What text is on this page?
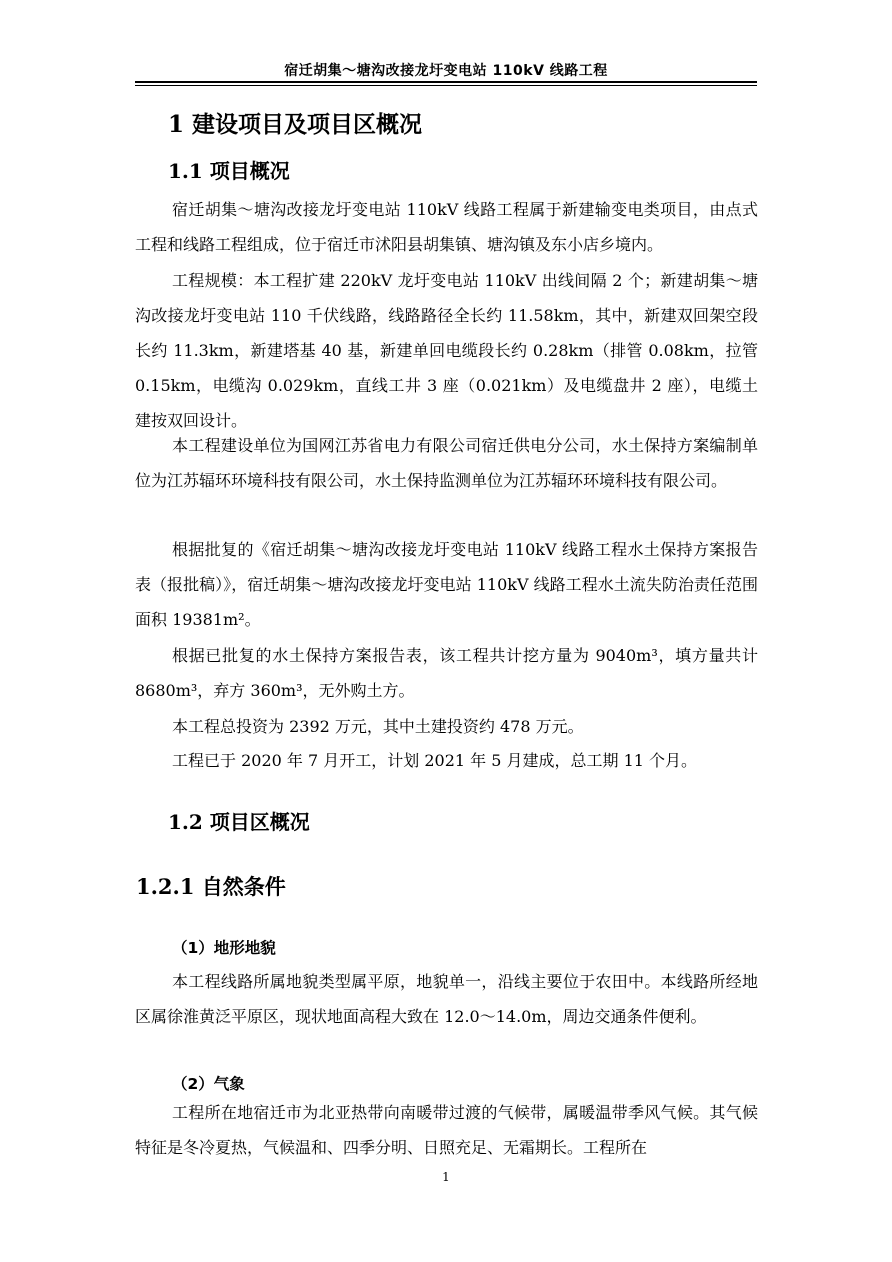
宿迁胡集～塘沟改接龙圩变电站 110kV 线路工程
1 建设项目及项目区概况
1.1 项目概况

宿迁胡集～塘沟改接龙圩变电站 110kV 线路工程属于新建输变电类项目，由点式工程和线路工程组成，位于宿迁市沭阳县胡集镇、塘沟镇及东小店乡境内。

工程规模：本工程扩建 220kV 龙圩变电站 110kV 出线间隔 2 个；新建胡集～塘沟改接龙圩变电站 110 千伏线路，线路路径全长约 11.58km，其中，新建双回架空段长约 11.3km，新建塔基 40 基，新建单回电缆段长约 0.28km（排管 0.08km，拉管 0.15km，电缆沟 0.029km，直线工井 3 座（0.021km）及电缆盘井 2 座），电缆土建按双回设计。

本工程建设单位为国网江苏省电力有限公司宿迁供电分公司，水土保持方案编制单位为江苏辐环环境科技有限公司，水土保持监测单位为江苏辐环环境科技有限公司。

根据批复的《宿迁胡集～塘沟改接龙圩变电站 110kV 线路工程水土保持方案报告表（报批稿）》，宿迁胡集～塘沟改接龙圩变电站 110kV 线路工程水土流失防治责任范围面积 19381m²。

根据已批复的水土保持方案报告表，该工程共计挖方量为 9040m³，填方量共计 8680m³，弃方 360m³，无外购土方。

本工程总投资为 2392 万元，其中土建投资约 478 万元。

工程已于 2020 年 7 月开工，计划 2021 年 5 月建成，总工期 11 个月。

1.2 项目区概况
1.2.1 自然条件
（1）地形地貌

本工程线路所属地貌类型属平原，地貌单一，沿线主要位于农田中。本线路所经地区属徐淮黄泛平原区，现状地面高程大致在 12.0～14.0m，周边交通条件便利。

（2）气象

工程所在地宿迁市为北亚热带向南暖带过渡的气候带，属暖温带季风气候。其气候特征是冬冷夏热，气候温和、四季分明、日照充足、无霜期长。工程所在

1
